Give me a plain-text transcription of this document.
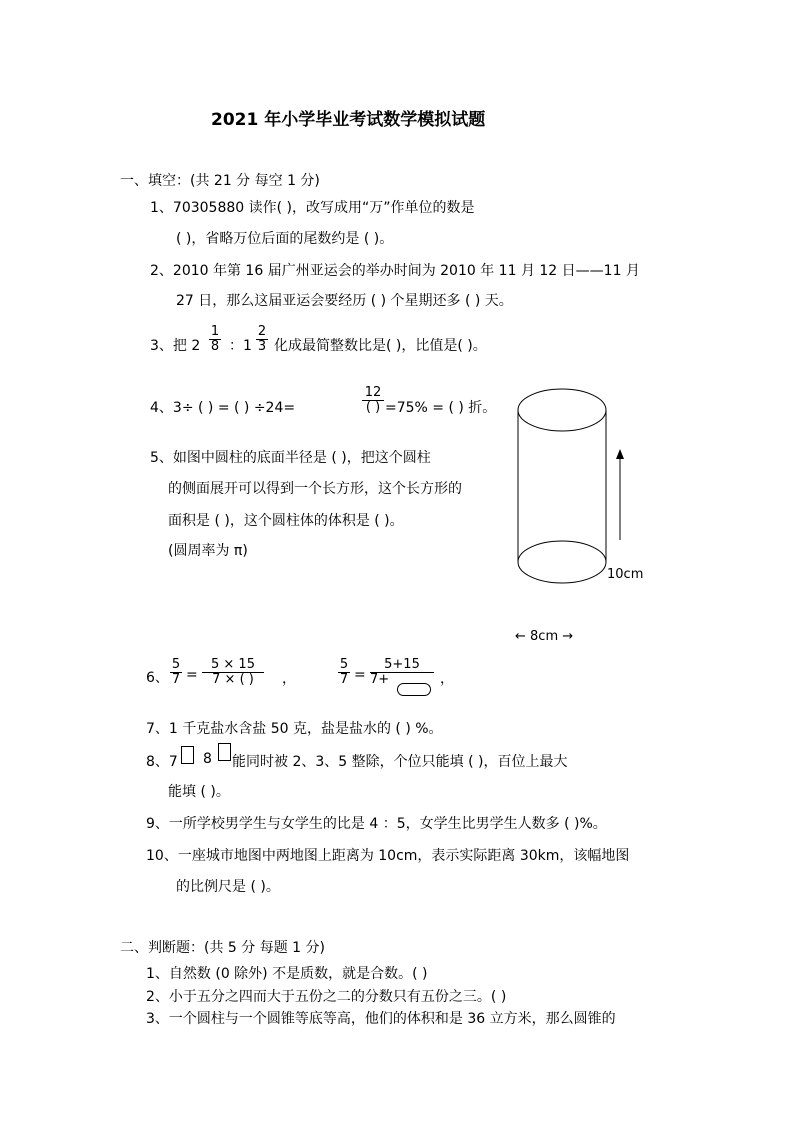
2021 年小学毕业考试数学模拟试题
一、填空：(共 21 分 每空 1 分)
1、70305880 读作( )，改写成用“万”作单位的数是
( )，省略万位后面的尾数约是 ( )。
2、2010 年第 16 届广州亚运会的举办时间为 2010 年 11 月 12 日——11 月
27 日，那么这届亚运会要经历 ( ) 个星期还多 ( ) 天。
3、把 2
1
8 ：1
2
3 化成最简整数比是( )，比值是( )。
4、3÷ ( ) = ( ) ÷24=
12
( ) =75% = ( ) 折。
5、如图中圆柱的底面半径是 ( )，把这个圆柱
的侧面展开可以得到一个长方形，这个长方形的
面积是 ( )，这个圆柱体的体积是 ( )。
(圆周率为 π)
10cm
← 8cm →
6、
5
7 =
5 × 15
7 × ( )	，
5
7 =
5+15
7+	，
7、1 千克盐水含盐 50 克，盐是盐水的 ( ) %。
8、7 8 能同时被 2、3、5 整除，个位只能填 ( )，百位上最大
能填 ( )。
9、一所学校男学生与女学生的比是 4 ：5，女学生比男学生人数多 ( )%。
10、一座城市地图中两地图上距离为 10cm，表示实际距离 30km，该幅地图
的比例尺是 ( )。
二、判断题：(共 5 分 每题 1 分)
1、自然数 (0 除外) 不是质数，就是合数。( )
2、小于五分之四而大于五份之二的分数只有五份之三。( )
3、一个圆柱与一个圆锥等底等高，他们的体积和是 36 立方米，那么圆锥的
